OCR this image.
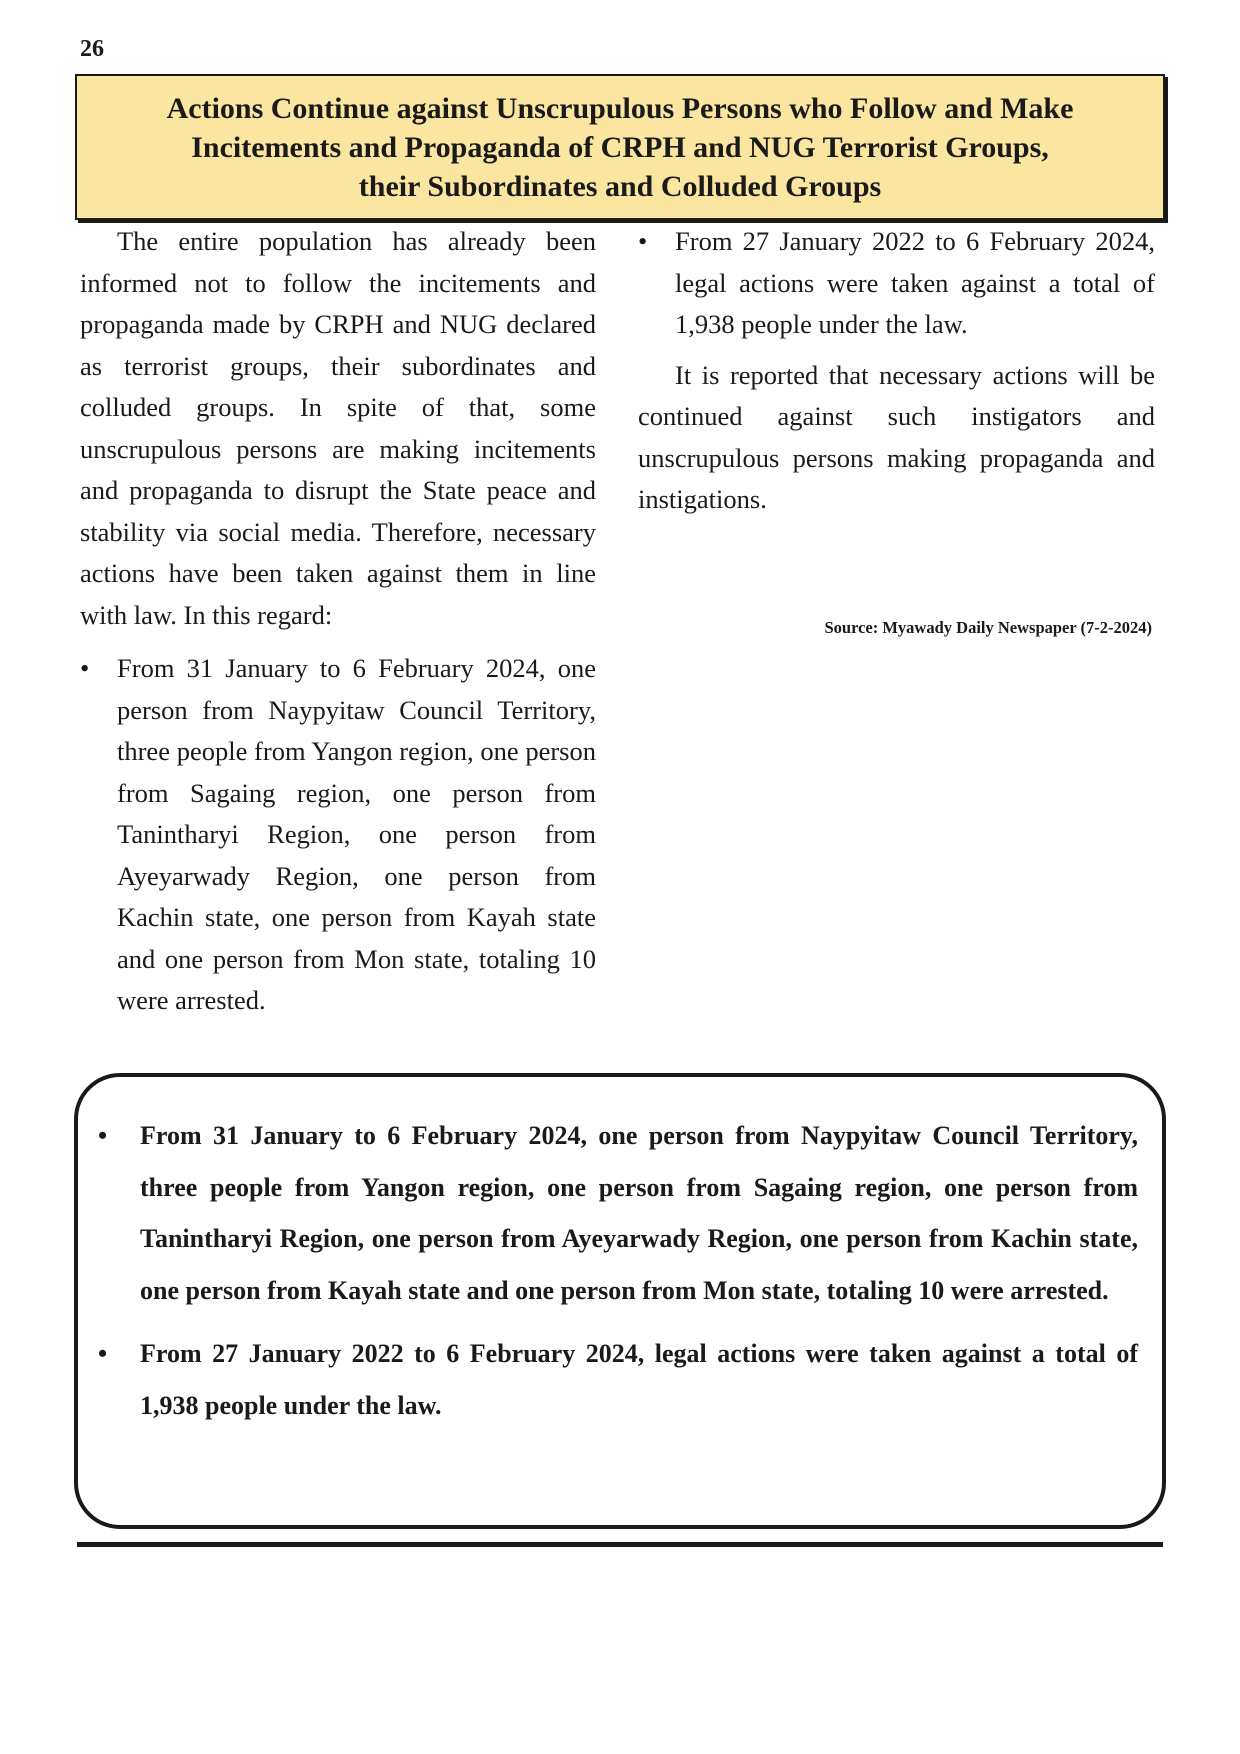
26
Actions Continue against Unscrupulous Persons who Follow and Make
Incitements and Propaganda of CRPH and NUG Terrorist Groups,
their Subordinates and Colluded Groups

The entire population has already been informed not to follow the incitements and propaganda made by CRPH and NUG declared as terrorist groups, their subordinates and colluded groups. In spite of that, some unscrupulous persons are making incitements and propaganda to disrupt the State peace and stability via social media. Therefore, necessary actions have been taken against them in line with law. In this regard:

•	From 31 January to 6 February 2024, one person from Naypyitaw Council Territory, three people from Yangon region, one person from Sagaing region, one person from Tanintharyi Region, one person from Ayeyarwady Region, one person from Kachin state, one person from Kayah state and one person from Mon state, totaling 10 were arrested.
•	From 27 January 2022 to 6 February 2024, legal actions were taken against a total of 1,938 people under the law.

It is reported that necessary actions will be continued against such instigators and unscrupulous persons making propaganda and instigations.

Source: Myawady Daily Newspaper (7-2-2024)
•	From 31 January to 6 February 2024, one person from Naypyitaw Council Territory, three people from Yangon region, one person from Sagaing region, one person from Tanintharyi Region, one person from Ayeyarwady Region, one person from Kachin state, one person from Kayah state and one person from Mon state, totaling 10 were arrested.
•	From 27 January 2022 to 6 February 2024, legal actions were taken against a total of 1,938 people under the law.
